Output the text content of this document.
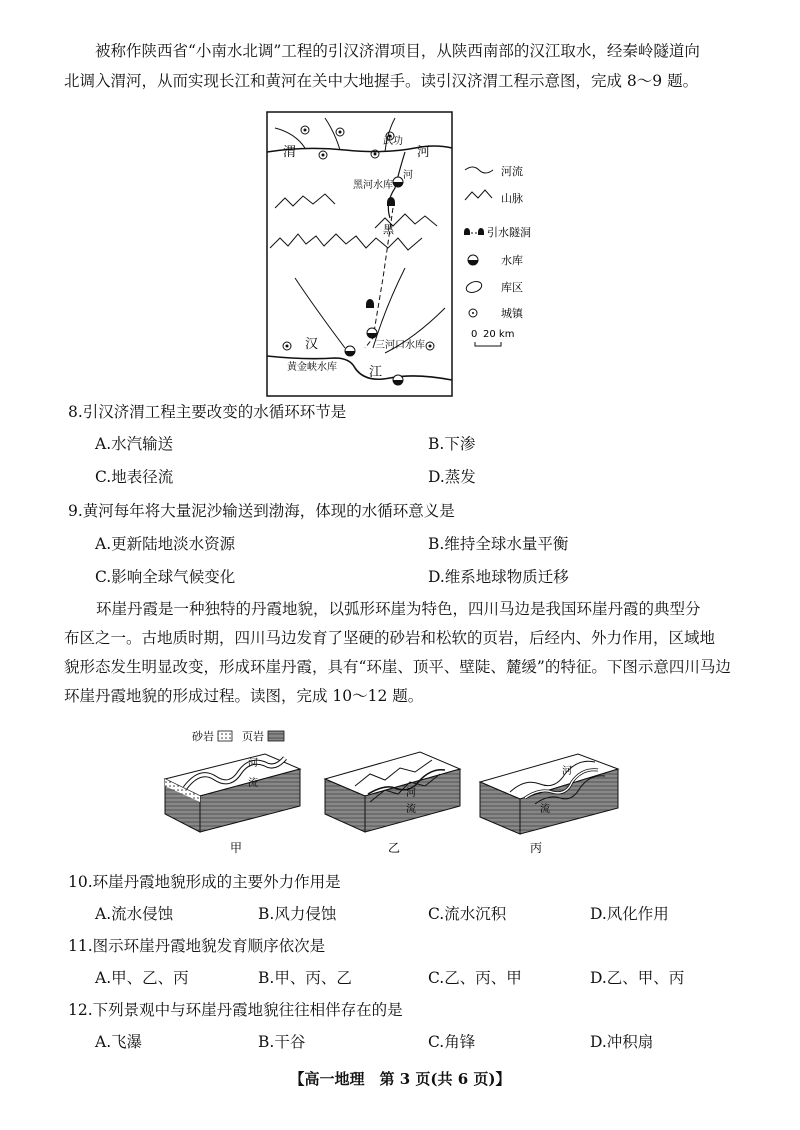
被称作陕西省“小南水北调”工程的引汉济渭项目，从陕西南部的汉江取水，经秦岭隧道向
北调入渭河，从而实现长江和黄河在关中大地握手。读引汉济渭工程示意图，完成 8～9 题。
渭	河
武功
河
黑河水库
黑
汉
江
三河口水库
黄金峡水库
河流
山脉
引水隧洞
水库
库区
城镇
0 20 km
8.引汉济渭工程主要改变的水循环环节是
A.水汽输送	B.下渗
C.地表径流	D.蒸发
9.黄河每年将大量泥沙输送到渤海，体现的水循环意义是
A.更新陆地淡水资源	B.维持全球水量平衡
C.影响全球气候变化	D.维系地球物质迁移
环崖丹霞是一种独特的丹霞地貌，以弧形环崖为特色，四川马边是我国环崖丹霞的典型分
布区之一。古地质时期，四川马边发育了坚硬的砂岩和松软的页岩，后经内、外力作用，区域地
貌形态发生明显改变，形成环崖丹霞，具有“环崖、顶平、壁陡、麓缓”的特征。下图示意四川马边
环崖丹霞地貌的形成过程。读图，完成 10～12 题。
砂岩	页岩
河
流
河
流
河
流
甲	乙	丙
10.环崖丹霞地貌形成的主要外力作用是
A.流水侵蚀	B.风力侵蚀	C.流水沉积	D.风化作用
11.图示环崖丹霞地貌发育顺序依次是
A.甲、乙、丙	B.甲、丙、乙	C.乙、丙、甲	D.乙、甲、丙
12.下列景观中与环崖丹霞地貌往往相伴存在的是
A.飞瀑	B.干谷	C.角锋	D.冲积扇
【高一地理　第 3 页(共 6 页)】
